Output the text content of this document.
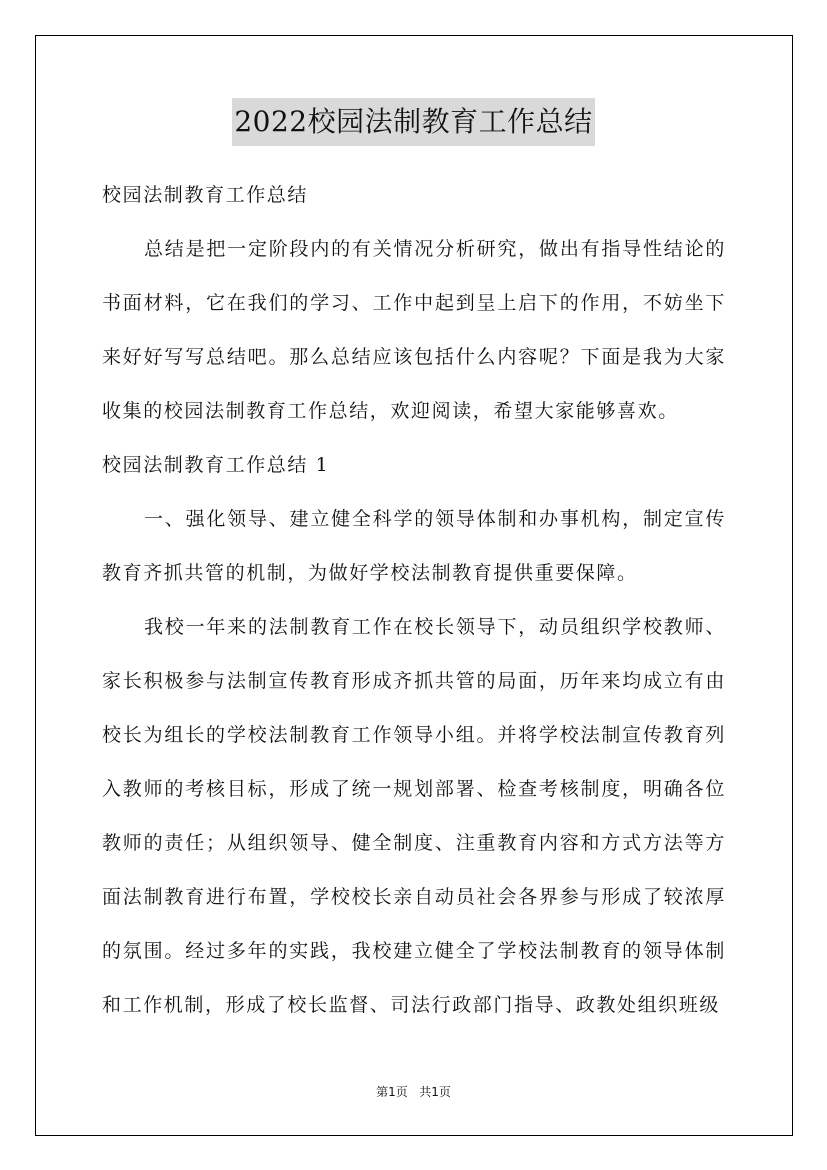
2022校园法制教育工作总结

校园法制教育工作总结

总结是把一定阶段内的有关情况分析研究，做出有指导性结论的书面材料，它在我们的学习、工作中起到呈上启下的作用，不妨坐下来好好写写总结吧。那么总结应该包括什么内容呢？下面是我为大家收集的校园法制教育工作总结，欢迎阅读，希望大家能够喜欢。

校园法制教育工作总结 1

一、强化领导、建立健全科学的领导体制和办事机构，制定宣传教育齐抓共管的机制，为做好学校法制教育提供重要保障。

我校一年来的法制教育工作在校长领导下，动员组织学校教师、家长积极参与法制宣传教育形成齐抓共管的局面，历年来均成立有由校长为组长的学校法制教育工作领导小组。并将学校法制宣传教育列入教师的考核目标，形成了统一规划部署、检查考核制度，明确各位教师的责任；从组织领导、健全制度、注重教育内容和方式方法等方面法制教育进行布置，学校校长亲自动员社会各界参与形成了较浓厚的氛围。经过多年的实践，我校建立健全了学校法制教育的领导体制和工作机制，形成了校长监督、司法行政部门指导、政教处组织班级

第1页 共1页
